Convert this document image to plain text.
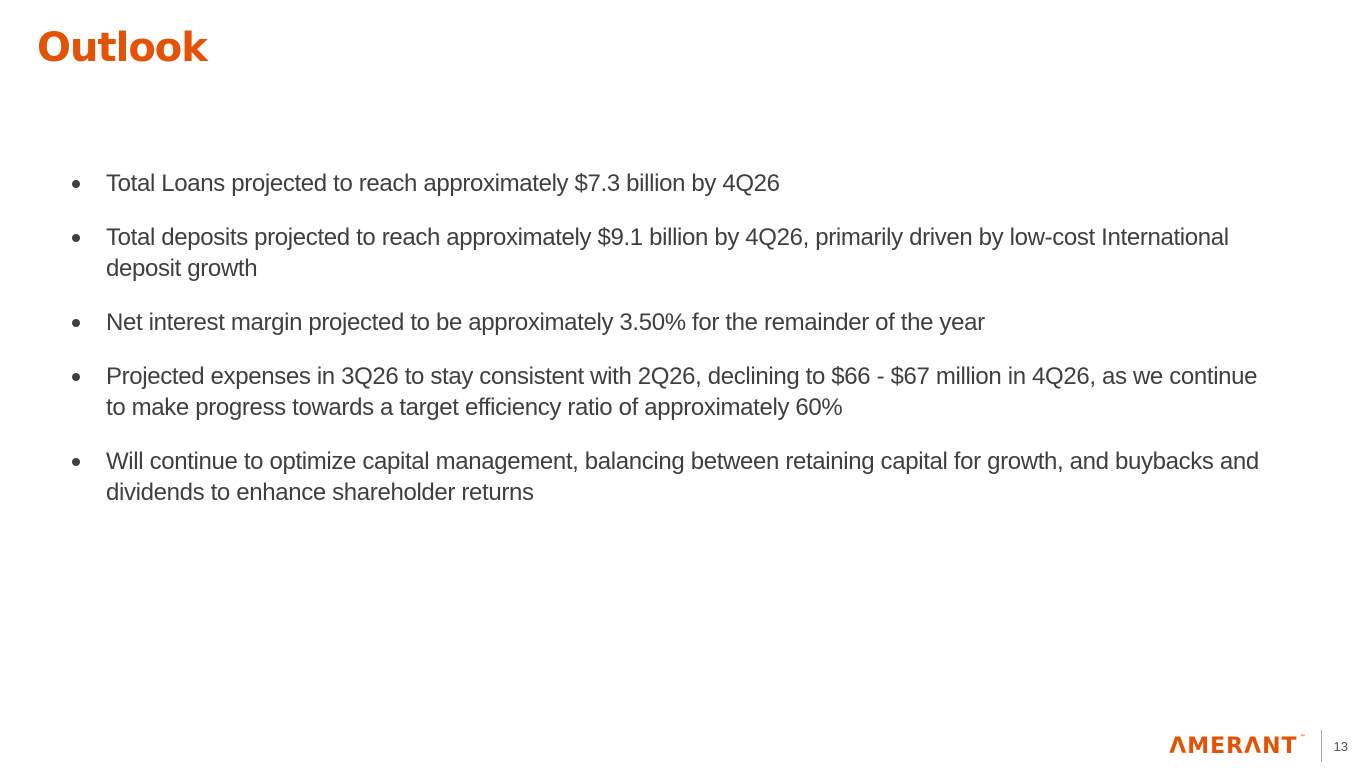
Outlook
Total Loans projected to reach approximately $7.3 billion by 4Q26
Total deposits projected to reach approximately $9.1 billion by 4Q26, primarily driven by low-cost International deposit growth
Net interest margin projected to be approximately 3.50% for the remainder of the year
Projected expenses in 3Q26 to stay consistent with 2Q26, declining to $66 - $67 million in 4Q26, as we continue to make progress towards a target efficiency ratio of approximately 60%
Will continue to optimize capital management, balancing between retaining capital for growth, and buybacks and dividends to enhance shareholder returns
ΛMERΛNT ™
13
